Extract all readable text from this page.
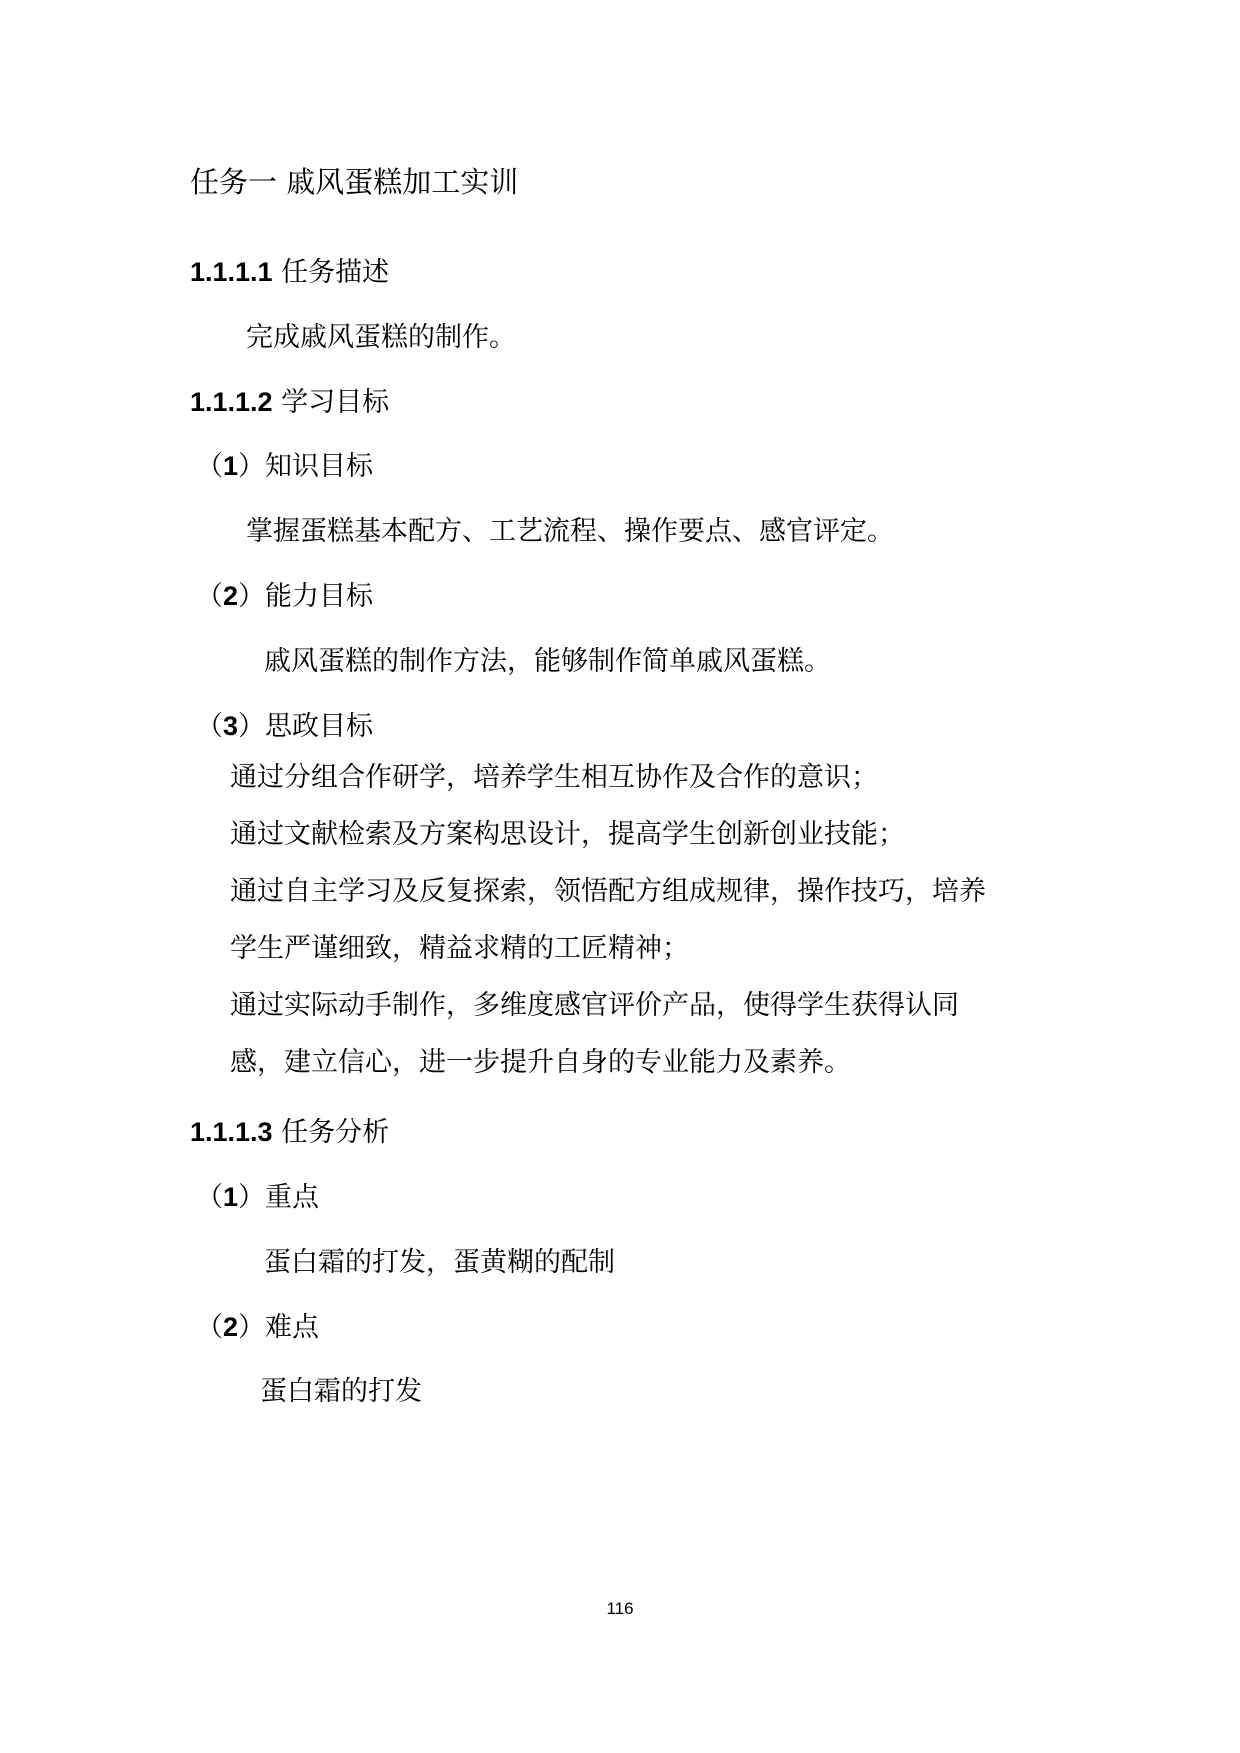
任务一 戚风蛋糕加工实训
1.1.1.1 任务描述
完成戚风蛋糕的制作。
1.1.1.2 学习目标
（1）知识目标
掌握蛋糕基本配方、工艺流程、操作要点、感官评定。
（2）能力目标
戚风蛋糕的制作方法，能够制作简单戚风蛋糕。
（3）思政目标
通过分组合作研学，培养学生相互协作及合作的意识；
通过文献检索及方案构思设计，提高学生创新创业技能；
通过自主学习及反复探索，领悟配方组成规律，操作技巧，培养
学生严谨细致，精益求精的工匠精神；
通过实际动手制作，多维度感官评价产品，使得学生获得认同
感，建立信心，进一步提升自身的专业能力及素养。
1.1.1.3 任务分析
（1）重点
蛋白霜的打发，蛋黄糊的配制
（2）难点
蛋白霜的打发
116
